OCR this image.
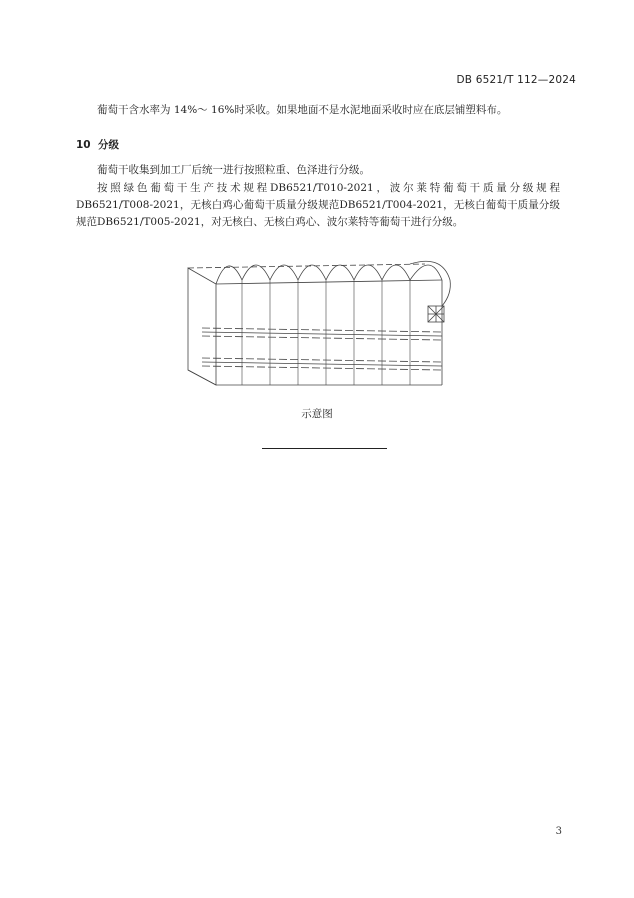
DB 6521/T 112—2024
葡萄干含水率为 14%～ 16%时采收。如果地面不是水泥地面采收时应在底层铺塑料布。
10 分级
葡萄干收集到加工厂后统一进行按照粒重、色泽进行分级。
按照绿色葡萄干生产技术规程DB6521/T010-2021，波尔莱特葡萄干质量分级规程DB6521/T008-2021，无核白鸡心葡萄干质量分级规范DB6521/T004-2021，无核白葡萄干质量分级规范DB6521/T005-2021，对无核白、无核白鸡心、波尔莱特等葡萄干进行分级。
示意图
3
